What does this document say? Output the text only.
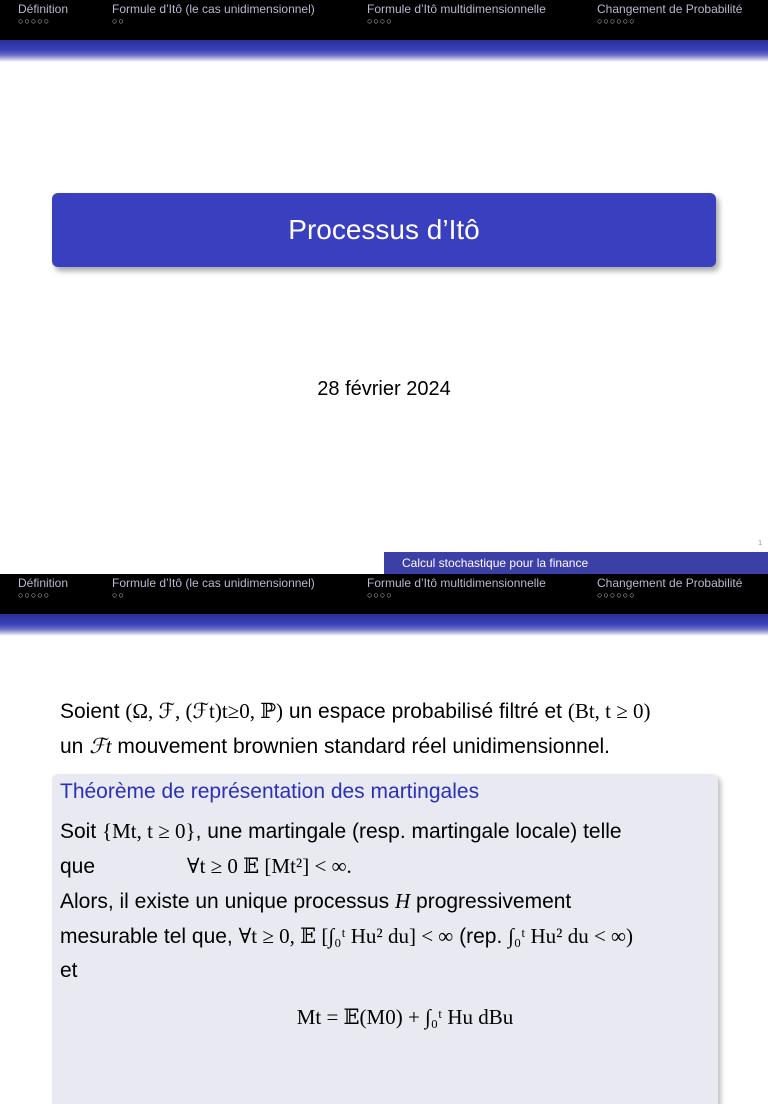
Définition
○○○○○
Formule d’Itô (le cas unidimensionnel)
○○
Formule d’Itô multidimensionnelle
○○○○
Changement de Probabilité
○○○○○○
Processus d’Itô
28 février 2024
1
Calcul stochastique pour la finance
Définition
○○○○○
Formule d’Itô (le cas unidimensionnel)
○○
Formule d’Itô multidimensionnelle
○○○○
Changement de Probabilité
○○○○○○
Soient (Ω, ℱ, (ℱt)t≥0, ℙ) un espace probabilisé filtré et (Bt, t ≥ 0)
un ℱt mouvement brownien standard réel unidimensionnel.
Théorème de représentation des martingales
Soit {Mt, t ≥ 0}, une martingale (resp. martingale locale) telle
que	∀t ≥ 0 𝔼 [Mt²] < ∞.
Alors, il existe un unique processus H progressivement
mesurable tel que, ∀t ≥ 0, 𝔼 [∫₀ᵗ Hu² du] < ∞ (rep. ∫₀ᵗ Hu² du < ∞)
et
Mt = 𝔼(M0) + ∫₀ᵗ Hu dBu
